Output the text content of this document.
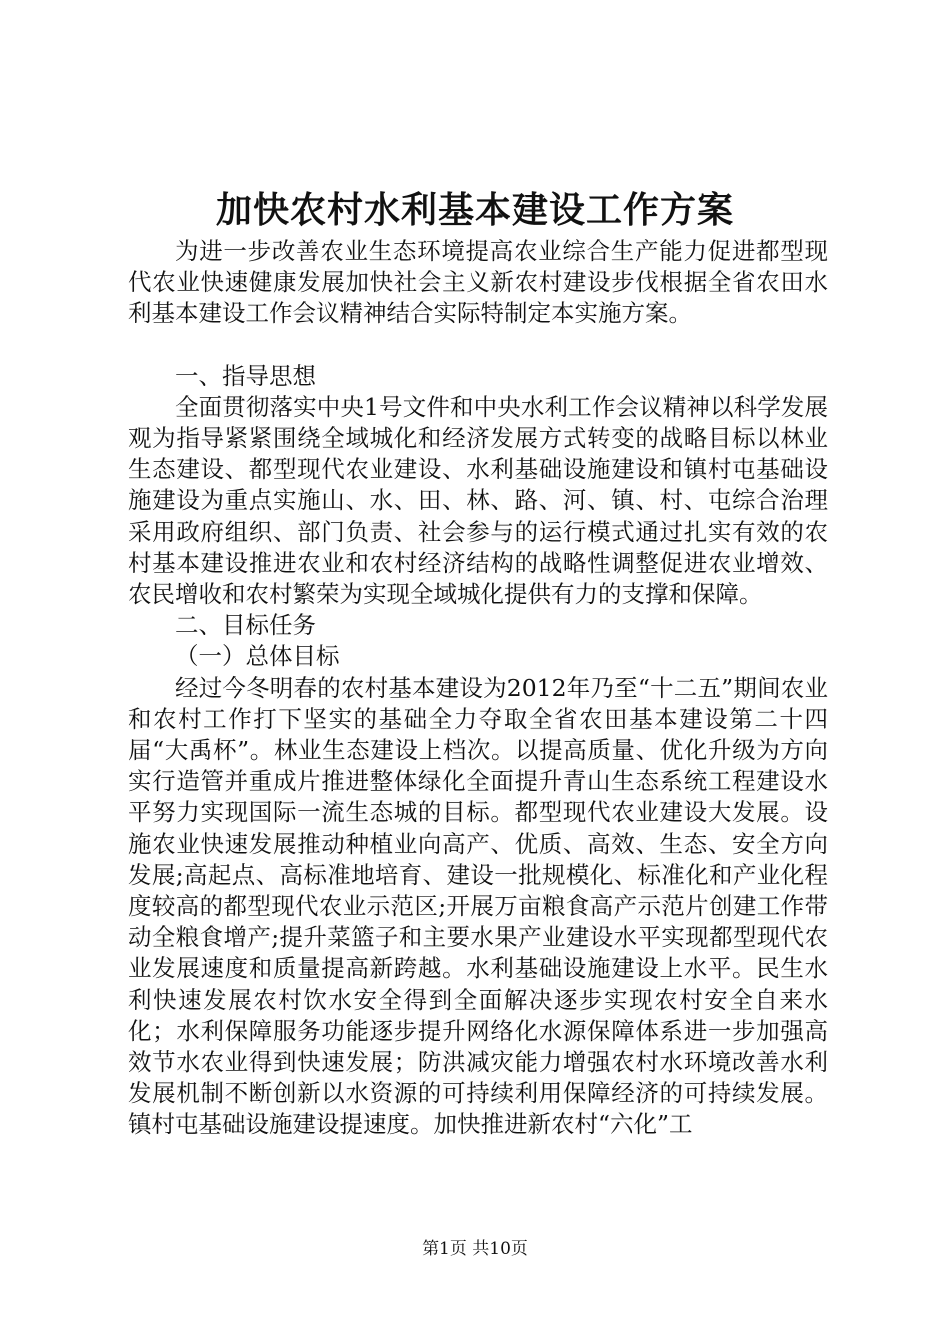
加快农村水利基本建设工作方案

为进一步改善农业生态环境提高农业综合生产能力促进都型现代农业快速健康发展加快社会主义新农村建设步伐根据全省农田水利基本建设工作会议精神结合实际特制定本实施方案。

一、指导思想

全面贯彻落实中央1号文件和中央水利工作会议精神以科学发展观为指导紧紧围绕全域城化和经济发展方式转变的战略目标以林业生态建设、都型现代农业建设、水利基础设施建设和镇村屯基础设施建设为重点实施山、水、田、林、路、河、镇、村、屯综合治理采用政府组织、部门负责、社会参与的运行模式通过扎实有效的农村基本建设推进农业和农村经济结构的战略性调整促进农业增效、农民增收和农村繁荣为实现全域城化提供有力的支撑和保障。

二、目标任务
（一）总体目标

经过今冬明春的农村基本建设为2012年乃至“十二五”期间农业和农村工作打下坚实的基础全力夺取全省农田基本建设第二十四届“大禹杯”。林业生态建设上档次。以提高质量、优化升级为方向实行造管并重成片推进整体绿化全面提升青山生态系统工程建设水平努力实现国际一流生态城的目标。都型现代农业建设大发展。设施农业快速发展推动种植业向高产、优质、高效、生态、安全方向发展;高起点、高标准地培育、建设一批规模化、标准化和产业化程度较高的都型现代农业示范区;开展万亩粮食高产示范片创建工作带动全粮食增产;提升菜篮子和主要水果产业建设水平实现都型现代农业发展速度和质量提高新跨越。水利基础设施建设上水平。民生水利快速发展农村饮水安全得到全面解决逐步实现农村安全自来水化；水利保障服务功能逐步提升网络化水源保障体系进一步加强高效节水农业得到快速发展；防洪减灾能力增强农村水环境改善水利发展机制不断创新以水资源的可持续利用保障经济的可持续发展。镇村屯基础设施建设提速度。加快推进新农村“六化”工

第1页 共10页
